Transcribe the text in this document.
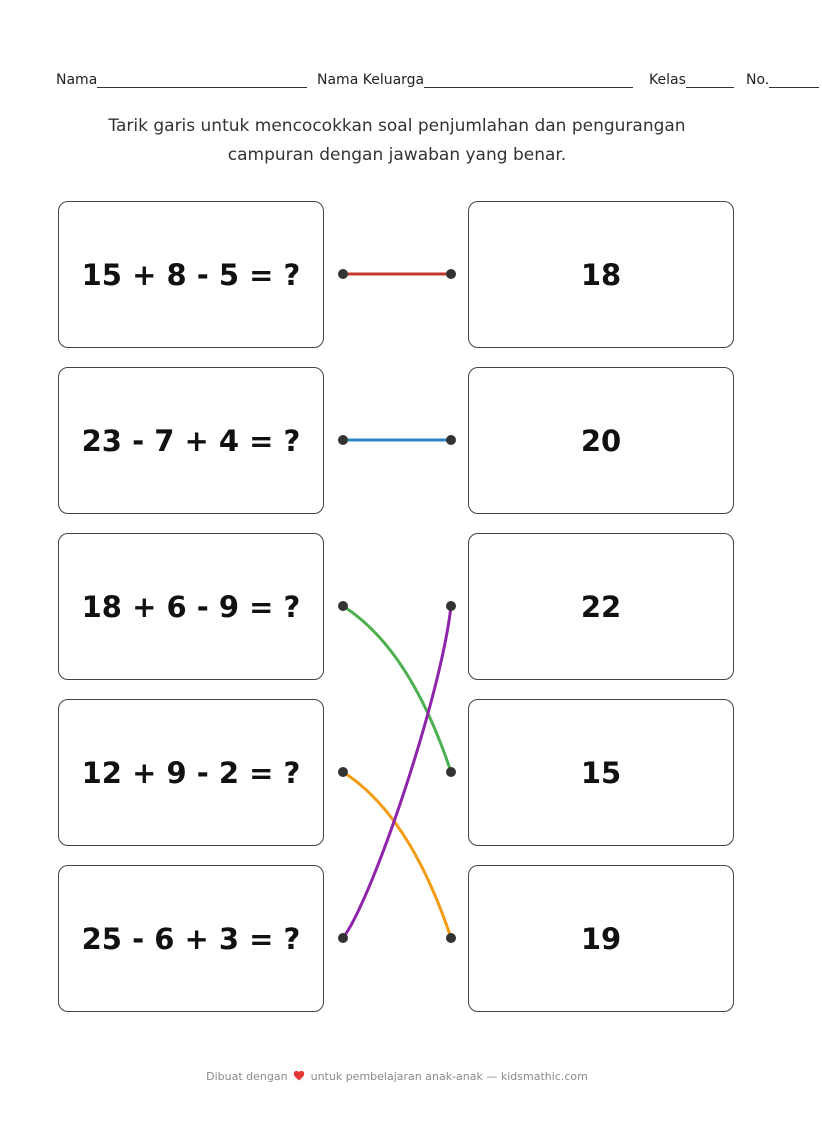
Nama	Nama Keluarga	Kelas	No.
Tarik garis untuk mencocokkan soal penjumlahan dan pengurangan
campuran dengan jawaban yang benar.
15 + 8 - 5 = ?
23 - 7 + 4 = ?
18 + 6 - 9 = ?
12 + 9 - 2 = ?
25 - 6 + 3 = ?
18
20
22
15
19
Dibuat dengan untuk pembelajaran anak-anak — kidsmathic.com
